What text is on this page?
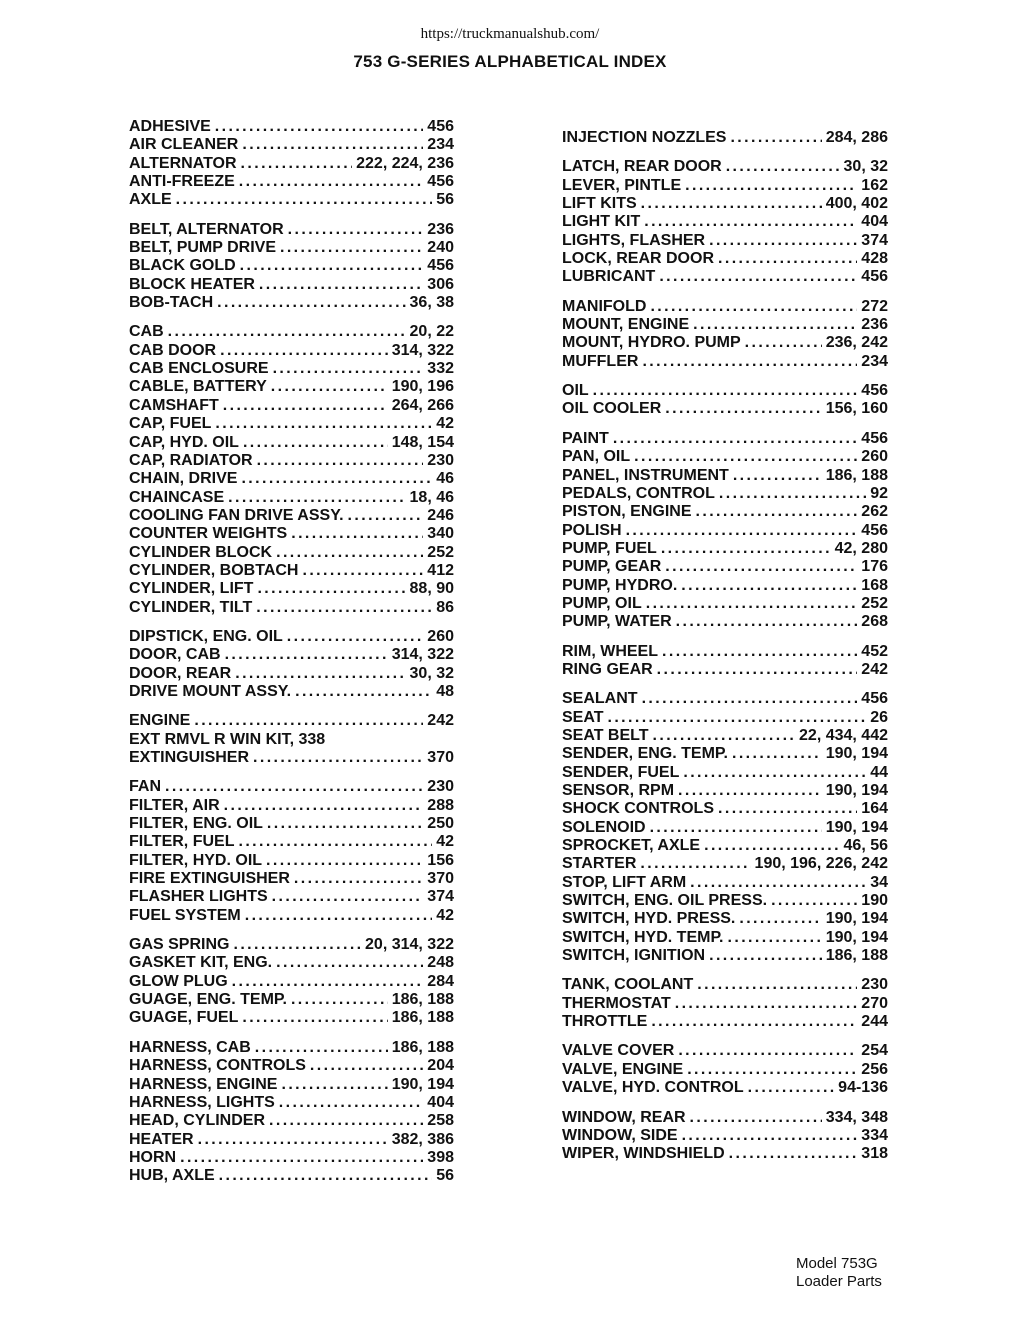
https://truckmanualshub.com/
753 G-SERIES ALPHABETICAL INDEX
ADHESIVE .....	456
AIR CLEANER .....	234
ALTERNATOR .....	222, 224, 236
ANTI-FREEZE .....	456
AXLE .....	56
BELT, ALTERNATOR .....	236
BELT, PUMP DRIVE .....	240
BLACK GOLD .....	456
BLOCK HEATER .....	306
BOB-TACH .....	36, 38
CAB .....	20, 22
CAB DOOR .....	314, 322
CAB ENCLOSURE .....	332
CABLE, BATTERY .....	190, 196
CAMSHAFT .....	264, 266
CAP, FUEL .....	42
CAP, HYD. OIL .....	148, 154
CAP, RADIATOR .....	230
CHAIN, DRIVE .....	46
CHAINCASE .....	18, 46
COOLING FAN DRIVE ASSY. .....	246
COUNTER WEIGHTS .....	340
CYLINDER BLOCK .....	252
CYLINDER, BOBTACH .....	412
CYLINDER, LIFT .....	88, 90
CYLINDER, TILT .....	86
DIPSTICK, ENG. OIL .....	260
DOOR, CAB .....	314, 322
DOOR, REAR .....	30, 32
DRIVE MOUNT ASSY. .....	48
ENGINE .....	242
EXT RMVL R WIN KIT, 338
EXTINGUISHER .....	370
FAN .....	230
FILTER, AIR .....	288
FILTER, ENG. OIL .....	250
FILTER, FUEL .....	42
FILTER, HYD. OIL .....	156
FIRE EXTINGUISHER .....	370
FLASHER LIGHTS .....	374
FUEL SYSTEM .....	42
GAS SPRING .....	20, 314, 322
GASKET KIT, ENG. .....	248
GLOW PLUG .....	284
GUAGE, ENG. TEMP. .....	186, 188
GUAGE, FUEL .....	186, 188
HARNESS, CAB .....	186, 188
HARNESS, CONTROLS .....	204
HARNESS, ENGINE .....	190, 194
HARNESS, LIGHTS .....	404
HEAD, CYLINDER .....	258
HEATER .....	382, 386
HORN .....	398
HUB, AXLE .....	56
INJECTION NOZZLES .....	284, 286
LATCH, REAR DOOR .....	30, 32
LEVER, PINTLE .....	162
LIFT KITS .....	400, 402
LIGHT KIT .....	404
LIGHTS, FLASHER .....	374
LOCK, REAR DOOR .....	428
LUBRICANT .....	456
MANIFOLD .....	272
MOUNT, ENGINE .....	236
MOUNT, HYDRO. PUMP .....	236, 242
MUFFLER .....	234
OIL .....	456
OIL COOLER .....	156, 160
PAINT .....	456
PAN, OIL .....	260
PANEL, INSTRUMENT .....	186, 188
PEDALS, CONTROL .....	92
PISTON, ENGINE .....	262
POLISH .....	456
PUMP, FUEL .....	42, 280
PUMP, GEAR .....	176
PUMP, HYDRO. .....	168
PUMP, OIL .....	252
PUMP, WATER .....	268
RIM, WHEEL .....	452
RING GEAR .....	242
SEALANT .....	456
SEAT .....	26
SEAT BELT .....	22, 434, 442
SENDER, ENG. TEMP. .....	190, 194
SENDER, FUEL .....	44
SENSOR, RPM .....	190, 194
SHOCK CONTROLS .....	164
SOLENOID .....	190, 194
SPROCKET, AXLE .....	46, 56
STARTER .....	190, 196, 226, 242
STOP, LIFT ARM .....	34
SWITCH, ENG. OIL PRESS. .....	190
SWITCH, HYD. PRESS. .....	190, 194
SWITCH, HYD. TEMP. .....	190, 194
SWITCH, IGNITION .....	186, 188
TANK, COOLANT .....	230
THERMOSTAT .....	270
THROTTLE .....	244
VALVE COVER .....	254
VALVE, ENGINE .....	256
VALVE, HYD. CONTROL .....	94-136
WINDOW, REAR .....	334, 348
WINDOW, SIDE .....	334
WIPER, WINDSHIELD .....	318
Model 753G
Loader Parts
